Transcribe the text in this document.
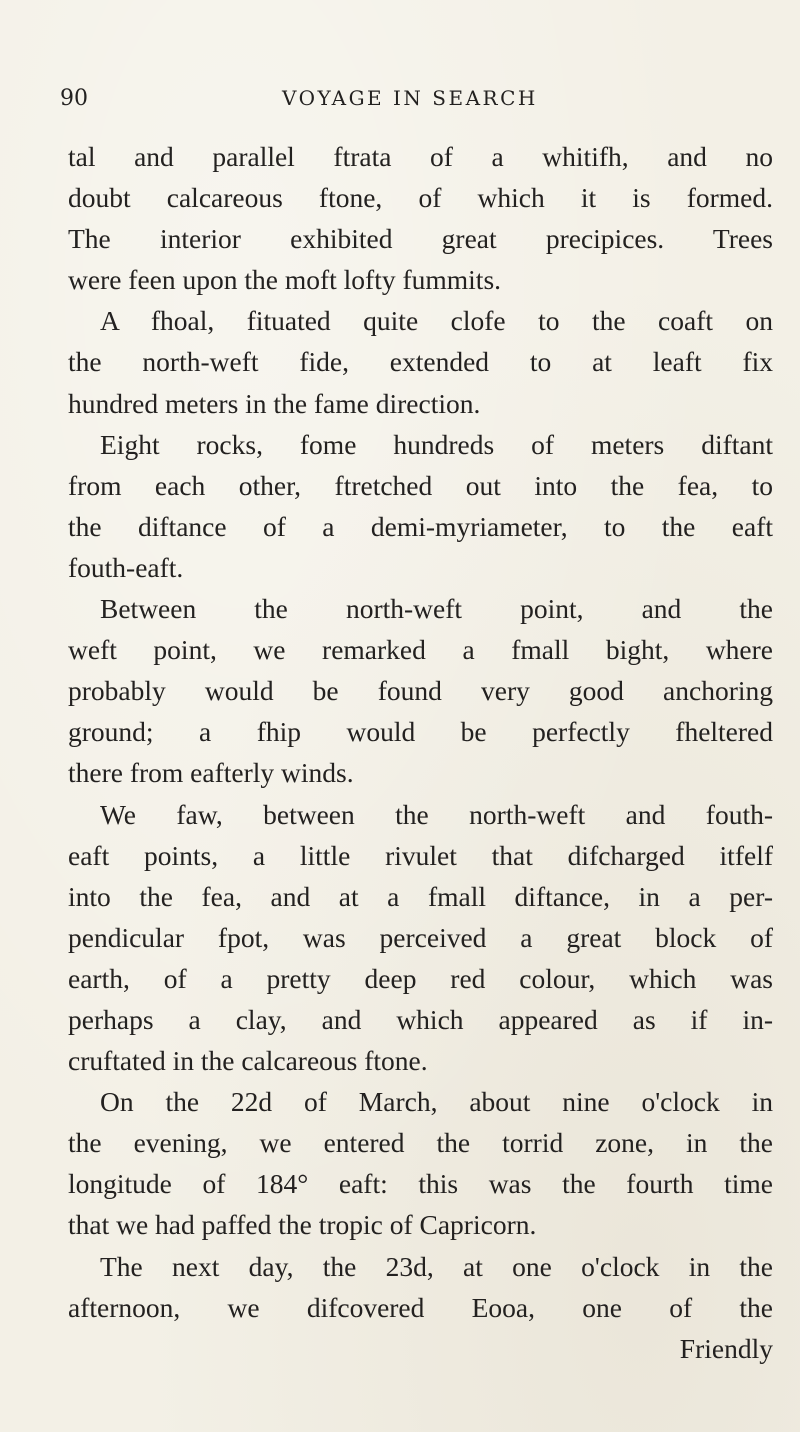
90	VOYAGE IN SEARCH
tal and parallel ftrata of a whitifh, and no
doubt calcareous ftone, of which it is formed.
The interior exhibited great precipices. Trees
were feen upon the moft lofty fummits.
A fhoal, fituated quite clofe to the coaft on
the north-weft fide, extended to at leaft fix
hundred meters in the fame direction.
Eight rocks, fome hundreds of meters diftant
from each other, ftretched out into the fea, to
the diftance of a demi-myriameter, to the eaft
fouth-eaft.
Between the north-weft point, and the
weft point, we remarked a fmall bight, where
probably would be found very good anchoring
ground; a fhip would be perfectly fheltered
there from eafterly winds.
We faw, between the north-weft and fouth-
eaft points, a little rivulet that difcharged itfelf
into the fea, and at a fmall diftance, in a per-
pendicular fpot, was perceived a great block of
earth, of a pretty deep red colour, which was
perhaps a clay, and which appeared as if in-
cruftated in the calcareous ftone.
On the 22d of March, about nine o'clock in
the evening, we entered the torrid zone, in the
longitude of 184° eaft: this was the fourth time
that we had paffed the tropic of Capricorn.
The next day, the 23d, at one o'clock in the
afternoon, we difcovered Eooa, one of the
Friendly
